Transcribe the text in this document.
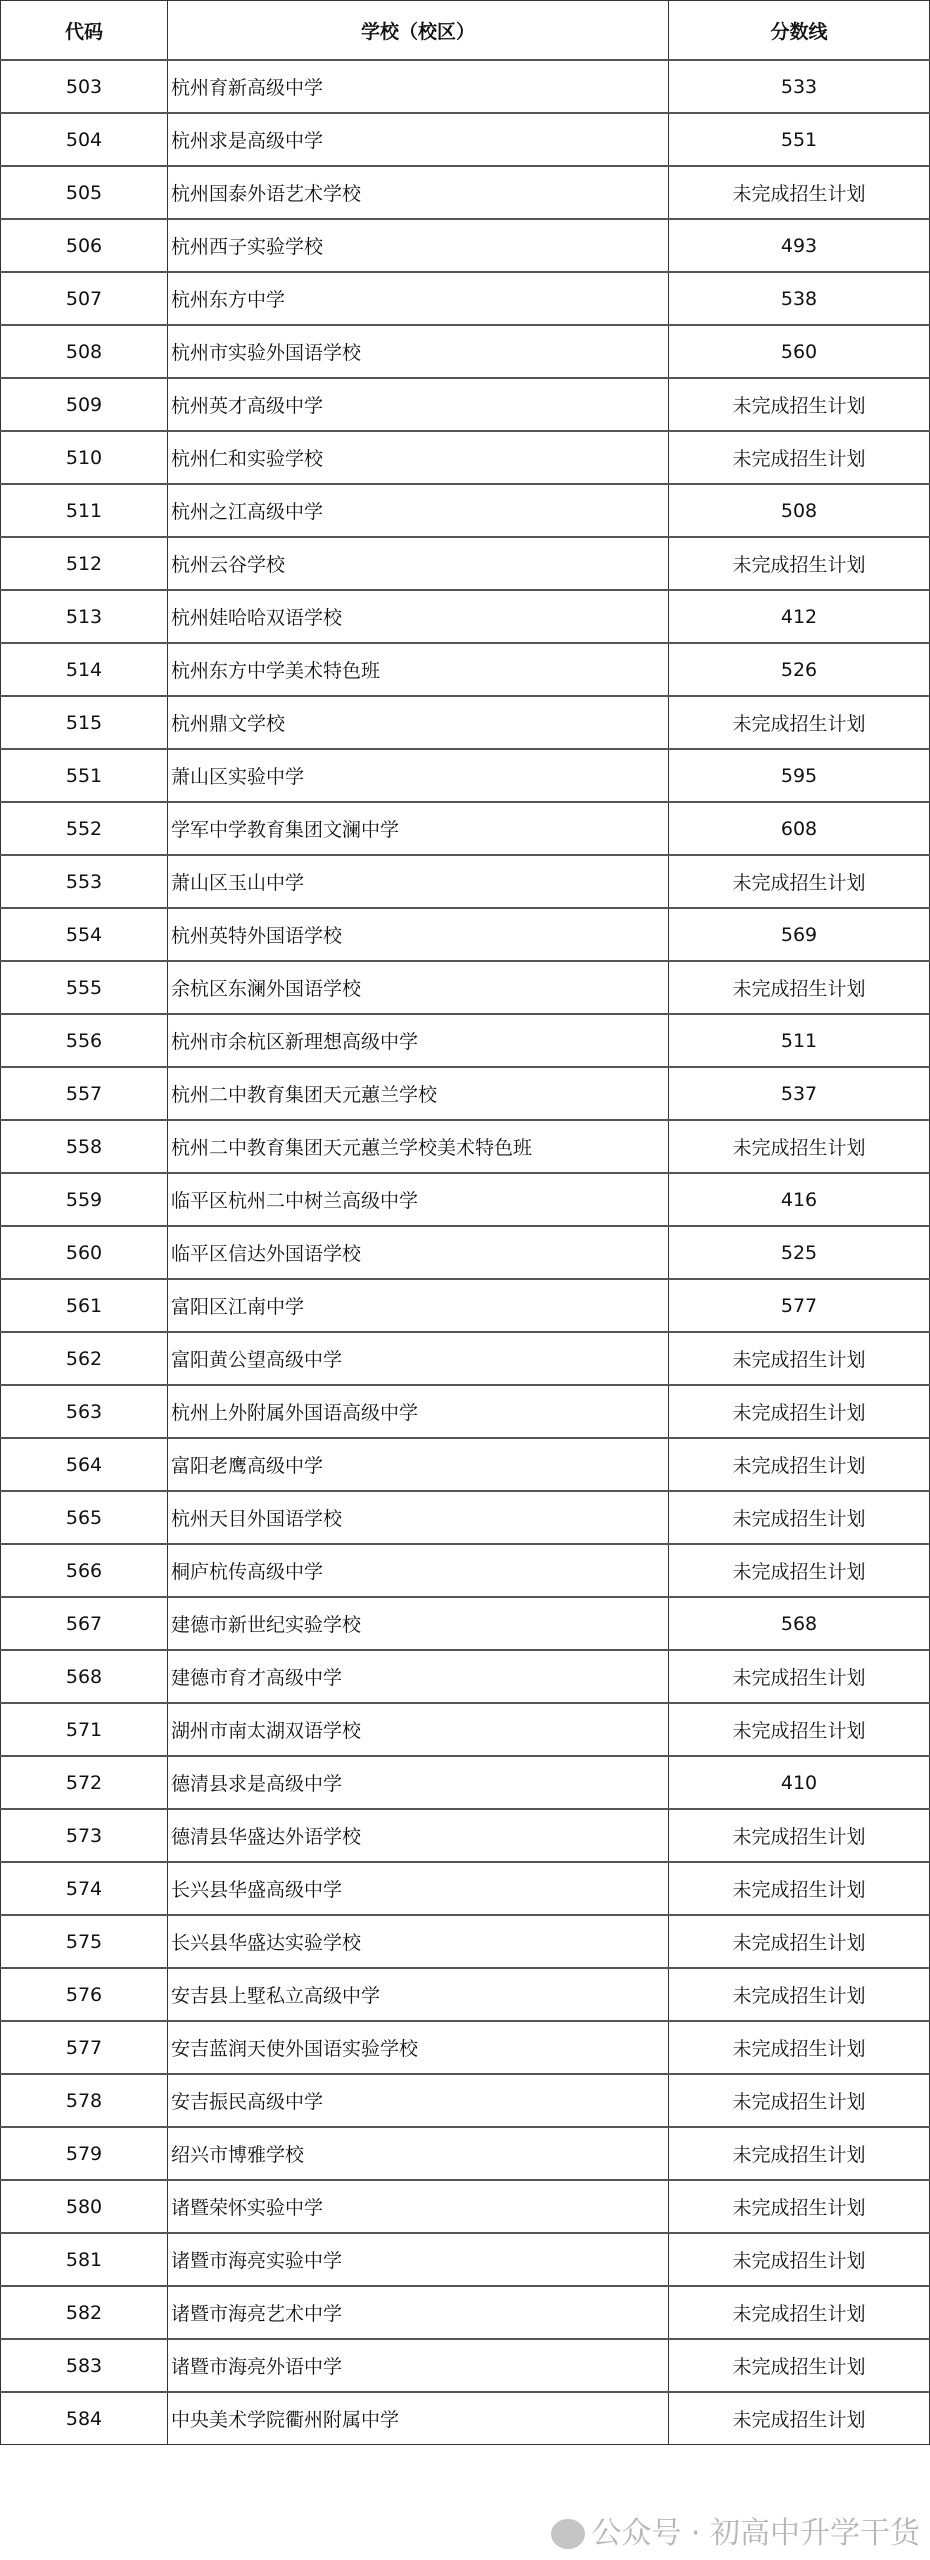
代码	学校（校区）	分数线
503	杭州育新高级中学	533
504	杭州求是高级中学	551
505	杭州国泰外语艺术学校	未完成招生计划
506	杭州西子实验学校	493
507	杭州东方中学	538
508	杭州市实验外国语学校	560
509	杭州英才高级中学	未完成招生计划
510	杭州仁和实验学校	未完成招生计划
511	杭州之江高级中学	508
512	杭州云谷学校	未完成招生计划
513	杭州娃哈哈双语学校	412
514	杭州东方中学美术特色班	526
515	杭州鼎文学校	未完成招生计划
551	萧山区实验中学	595
552	学军中学教育集团文澜中学	608
553	萧山区玉山中学	未完成招生计划
554	杭州英特外国语学校	569
555	余杭区东澜外国语学校	未完成招生计划
556	杭州市余杭区新理想高级中学	511
557	杭州二中教育集团天元蕙兰学校	537
558	杭州二中教育集团天元蕙兰学校美术特色班	未完成招生计划
559	临平区杭州二中树兰高级中学	416
560	临平区信达外国语学校	525
561	富阳区江南中学	577
562	富阳黄公望高级中学	未完成招生计划
563	杭州上外附属外国语高级中学	未完成招生计划
564	富阳老鹰高级中学	未完成招生计划
565	杭州天目外国语学校	未完成招生计划
566	桐庐杭传高级中学	未完成招生计划
567	建德市新世纪实验学校	568
568	建德市育才高级中学	未完成招生计划
571	湖州市南太湖双语学校	未完成招生计划
572	德清县求是高级中学	410
573	德清县华盛达外语学校	未完成招生计划
574	长兴县华盛高级中学	未完成招生计划
575	长兴县华盛达实验学校	未完成招生计划
576	安吉县上墅私立高级中学	未完成招生计划
577	安吉蓝润天使外国语实验学校	未完成招生计划
578	安吉振民高级中学	未完成招生计划
579	绍兴市博雅学校	未完成招生计划
580	诸暨荣怀实验中学	未完成招生计划
581	诸暨市海亮实验中学	未完成招生计划
582	诸暨市海亮艺术中学	未完成招生计划
583	诸暨市海亮外语中学	未完成招生计划
584	中央美术学院衢州附属中学	未完成招生计划
公众号 · 初高中升学干货
